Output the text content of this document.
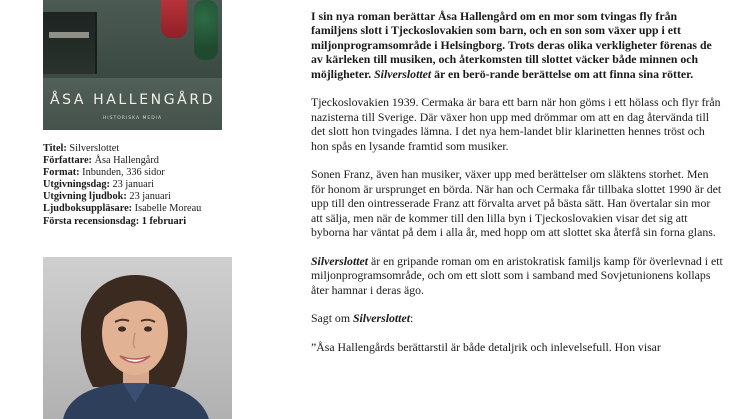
ÅSA HALLENGÅRD
HISTORISKA MEDIA
Titel: Silverslottet
Författare: Åsa Hallengård
Format: Inbunden, 336 sidor
Utgivningsdag: 23 januari
Utgivning ljudbok: 23 januari
Ljudboksuppläsare: Isabelle Moreau
Första recensionsdag: 1 februari

I sin nya roman berättar Åsa Hallengård om en mor som tvingas fly från familjens slott i Tjeckoslovakien som barn, och en son som växer upp i ett miljonprogramsområde i Helsingborg. Trots deras olika verkligheter förenas de av kärleken till musiken, och återkomsten till slottet väcker både minnen och möjligheter. Silverslottet är en berö-rande berättelse om att finna sina rötter.

Tjeckoslovakien 1939. Cermaka är bara ett barn när hon göms i ett hölass och flyr från nazisterna till Sverige. Där växer hon upp med drömmar om att en dag återvända till det slott hon tvingades lämna. I det nya hem-landet blir klarinetten hennes tröst och hon spås en lysande framtid som musiker.

Sonen Franz, även han musiker, växer upp med berättelser om släktens storhet. Men för honom är ursprunget en börda. När han och Cermaka får tillbaka slottet 1990 är det upp till den ointresserade Franz att förvalta arvet på bästa sätt. Han övertalar sin mor att sälja, men när de kommer till den lilla byn i Tjeckoslovakien visar det sig att byborna har väntat på dem i alla år, med hopp om att slottet ska återfå sin forna glans.

Silverslottet är en gripande roman om en aristokratisk familjs kamp för överlevnad i ett miljonprogramsområde, och om ett slott som i samband med Sovjetunionens kollaps åter hamnar i deras ägo.

Sagt om Silverslottet:

”Åsa Hallengårds berättarstil är både detaljrik och inlevelsefull. Hon visar
